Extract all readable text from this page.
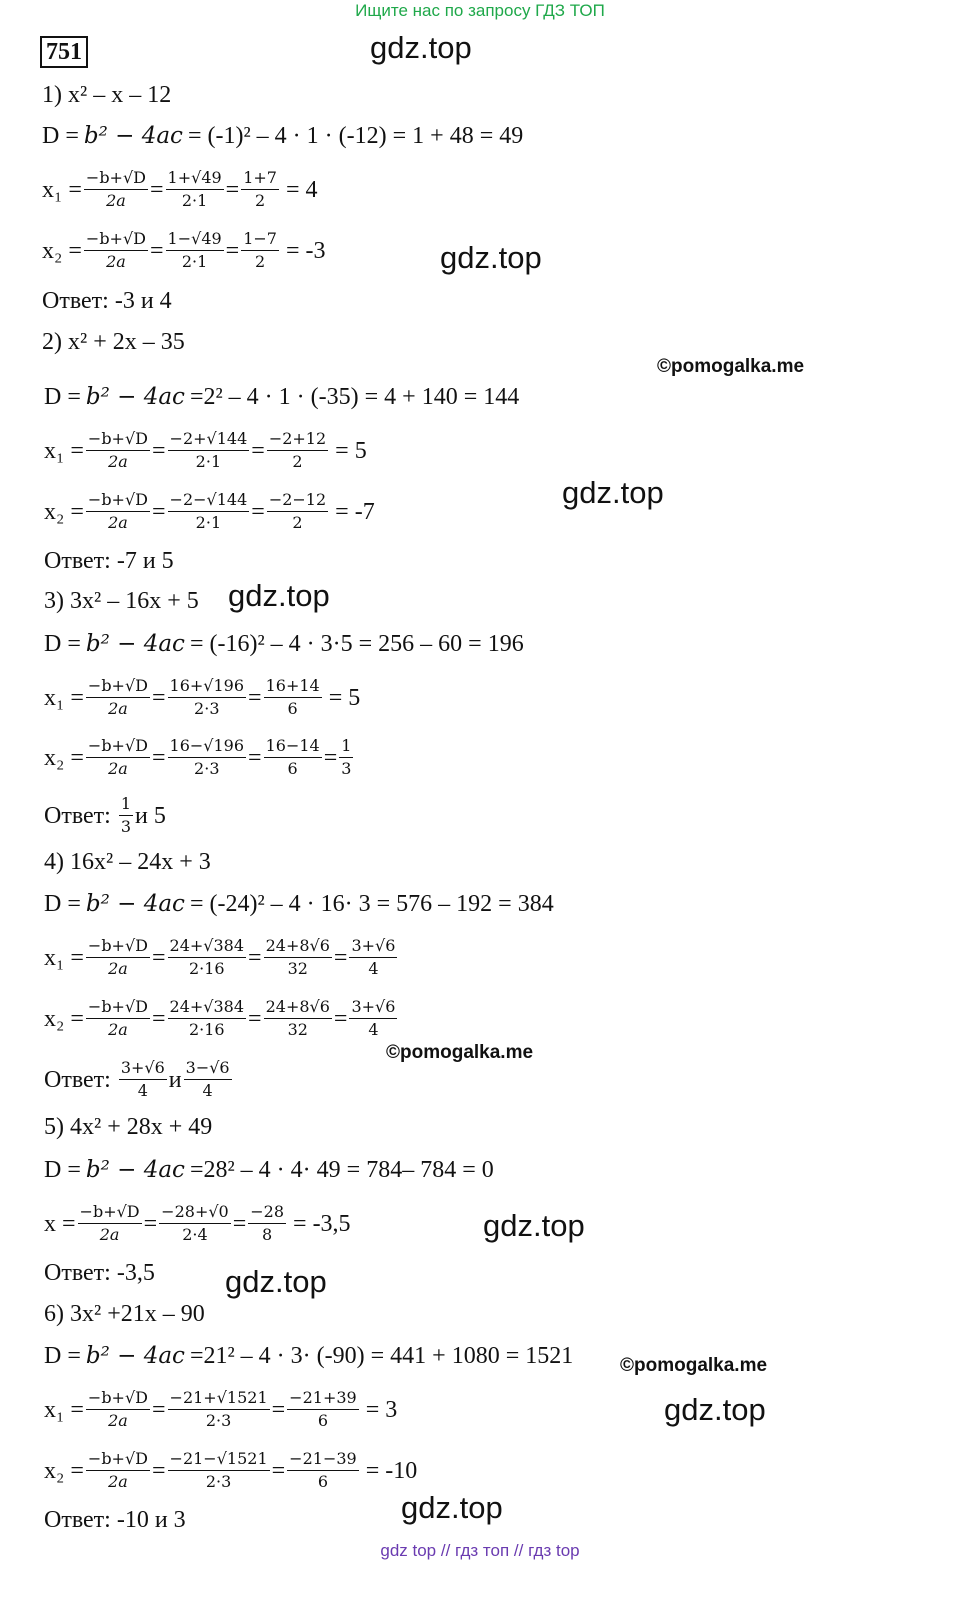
Ищите нас по запросу ГДЗ ТОП
751	gdz.top
gdz.top
©pomogalka.me
gdz.top
gdz.top
©pomogalka.me
gdz.top
gdz.top
©pomogalka.me
gdz.top
gdz.top
1) x² – x – 12
D = b² − 4ac = (-1)² – 4 · 1 · (-12) = 1 + 48 = 49
$x_1 = \frac{-b+√D}{2a} = \frac{1+√49}{2\cdot 1} = \frac{1+7}{2} = 4$
$x_2 = \frac{-b+√D}{2a} = \frac{1-√49}{2\cdot 1} = \frac{1-7}{2} = -3$
Ответ:
-3 и 4
2) x² + 2x – 35
D = b² − 4ac =2² – 4 · 1 · (-35) = 4 + 140 = 144
$x_1 = \frac{-b+√D}{2a} = \frac{-2+√144}{2\cdot 1} = \frac{-2+12}{2} = 5$
$x_2 = \frac{-b+√D}{2a} = \frac{-2-√144}{2\cdot 1} = \frac{-2-12}{2} = -7$
Ответ:
-7 и 5
3) 3x² – 16x + 5
D = b² − 4ac = (-16)² – 4 · 3·5 = 256 – 60 = 196
$x_1 = \frac{-b+√D}{2a} = \frac{16+√196}{2\cdot 3} = \frac{16+14}{6} = 5$
$x_2 = \frac{-b+√D}{2a} = \frac{16-√196}{2\cdot 3} = \frac{16-14}{6} = \frac{1}{3}$
Ответ:
$\frac{1}{3}$ и 5
4) 16x² – 24x + 3
D = b² − 4ac = (-24)² – 4 · 16· 3 = 576 – 192 = 384
$x_1 = \frac{-b+√D}{2a} = \frac{24+√384}{2\cdot 16} = \frac{24+8√6}{32} = \frac{3+√6}{4}$
$x_2 = \frac{-b+√D}{2a} = \frac{24+√384}{2\cdot 16} = \frac{24+8√6}{32} = \frac{3+√6}{4}$
Ответ:
$\frac{3+√6}{4}$ и $\frac{3-√6}{4}$
5) 4x² + 28x + 49
D = b² − 4ac =28² – 4 · 4· 49 = 784– 784 = 0
$x = \frac{-b+√D}{2a} = \frac{-28+√0}{2\cdot 4} = \frac{-28}{8} = -3,5$
Ответ:
-3,5
6) 3x² +21x – 90
D = b² − 4ac =21² – 4 · 3· (-90) = 441 + 1080 = 1521
$x_1 = \frac{-b+√D}{2a} = \frac{-21+√1521}{2\cdot 3} = \frac{-21+39}{6} = 3$
$x_2 = \frac{-b+√D}{2a} = \frac{-21-√1521}{2\cdot 3} = \frac{-21-39}{6} = -10$
Ответ:
-10 и 3
gdz top // гдз топ // гдз top
